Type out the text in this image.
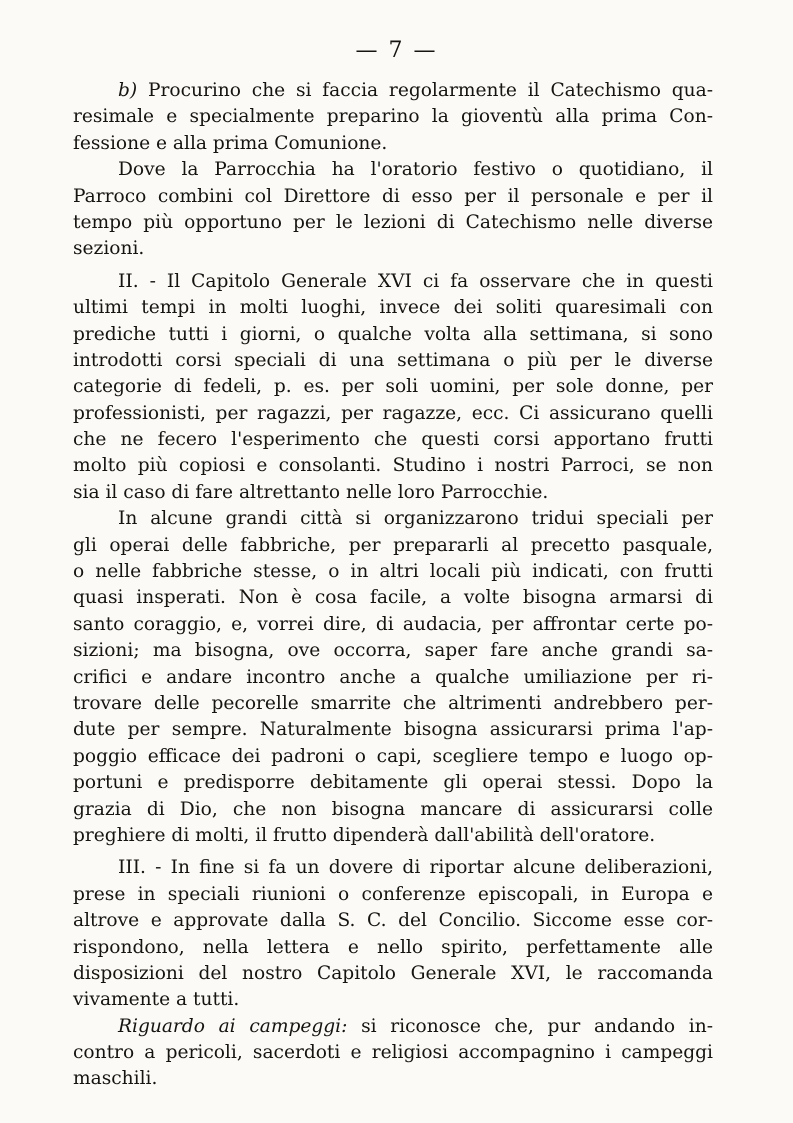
— 7 —
b) Procurino che si faccia regolarmente il Catechismo qua-
resimale e specialmente preparino la gioventù alla prima Con-
fessione e alla prima Comunione.
Dove la Parrocchia ha l'oratorio festivo o quotidiano, il
Parroco combini col Direttore di esso per il personale e per il
tempo più opportuno per le lezioni di Catechismo nelle diverse
sezioni.
II. - Il Capitolo Generale XVI ci fa osservare che in questi
ultimi tempi in molti luoghi, invece dei soliti quaresimali con
prediche tutti i giorni, o qualche volta alla settimana, si sono
introdotti corsi speciali di una settimana o più per le diverse
categorie di fedeli, p. es. per soli uomini, per sole donne, per
professionisti, per ragazzi, per ragazze, ecc. Ci assicurano quelli
che ne fecero l'esperimento che questi corsi apportano frutti
molto più copiosi e consolanti. Studino i nostri Parroci, se non
sia il caso di fare altrettanto nelle loro Parrocchie.
In alcune grandi città si organizzarono tridui speciali per
gli operai delle fabbriche, per prepararli al precetto pasquale,
o nelle fabbriche stesse, o in altri locali più indicati, con frutti
quasi insperati. Non è cosa facile, a volte bisogna armarsi di
santo coraggio, e, vorrei dire, di audacia, per affrontar certe po-
sizioni; ma bisogna, ove occorra, saper fare anche grandi sa-
crifici e andare incontro anche a qualche umiliazione per ri-
trovare delle pecorelle smarrite che altrimenti andrebbero per-
dute per sempre. Naturalmente bisogna assicurarsi prima l'ap-
poggio efficace dei padroni o capi, scegliere tempo e luogo op-
portuni e predisporre debitamente gli operai stessi. Dopo la
grazia di Dio, che non bisogna mancare di assicurarsi colle
preghiere di molti, il frutto dipenderà dall'abilità dell'oratore.
III. - In fine si fa un dovere di riportar alcune deliberazioni,
prese in speciali riunioni o conferenze episcopali, in Europa e
altrove e approvate dalla S. C. del Concilio. Siccome esse cor-
rispondono, nella lettera e nello spirito, perfettamente alle
disposizioni del nostro Capitolo Generale XVI, le raccomanda
vivamente a tutti.
Riguardo ai campeggi: si riconosce che, pur andando in-
contro a pericoli, sacerdoti e religiosi accompagnino i campeggi
maschili.
